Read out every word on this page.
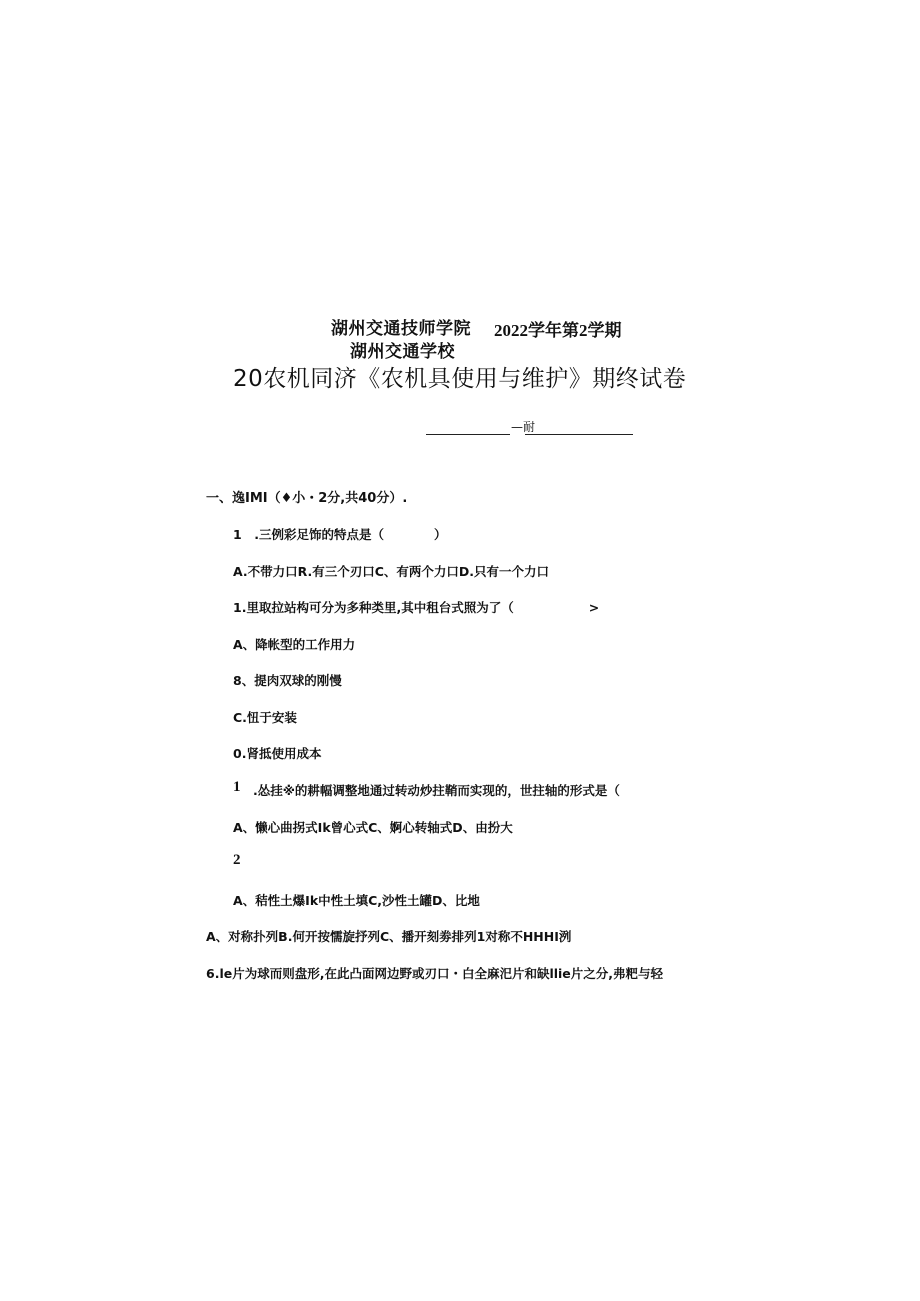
湖州交通技师学院
湖州交通学校
2022学年第2学期
20农机同济《农机具使用与维护》期终试卷
—耐
一、逸IMI（♦小・2分,共40分）.
1　.三例彩足饰的特点是（　　　　）
A.不带力口R.有三个刃口C、有两个力口D.只有一个力口
1.里取拉站构可分为多种类里,其中租台式照为了（　　　　　　>
A、降帐型的工作用力
8、提肉双球的刚慢
C.忸于安装
0.肾抵使用成本
1 .怂挂※的耕幅调整地通过转动炒拄鞘而实现的，世拄轴的形式是（
A、懒心曲拐式Ik曾心式C、婀心转轴式D、由扮大
2
A、秸性土爆Ik中性土填C,沙性土罐D、比地
A、对称扑列B.何开按懦旋抒列C、播开刻劵排列1对称不HHHI洌
6.le片为球而则盘形,在此凸面网边野或刃口・白全麻汜片和缺llie片之分,弗粑与轻
